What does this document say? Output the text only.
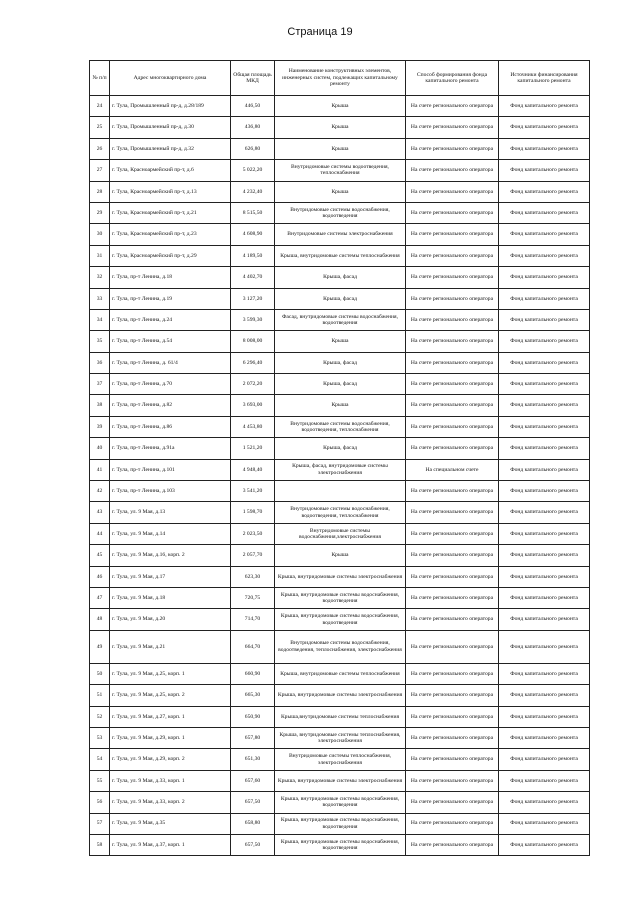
Страница 19
№ п/п	Адрес многоквартирного дома	Общая площадь МКД	Наименование конструктивных элементов, инженерных систем, подлежащих капитальному ремонту	Способ формирования фонда капитального ремонта	Источники финансирования капитального ремонта
24	г. Тула, Промышленный пр-д, д.28/189	446,50	Крыша	На счете регионального оператора	Фонд капитального ремонта
25	г. Тула, Промышленный пр-д, д.30	436,80	Крыша	На счете регионального оператора	Фонд капитального ремонта
26	г. Тула, Промышленный пр-д, д.32	626,80	Крыша	На счете регионального оператора	Фонд капитального ремонта
27	г. Тула, Красноармейский пр-т, д.6	5 022,20	Внутридомовые системы водоотведения, теплоснабжения	На счете регионального оператора	Фонд капитального ремонта
28	г. Тула, Красноармейский пр-т, д.13	4 232,40	Крыша	На счете регионального оператора	Фонд капитального ремонта
29	г. Тула, Красноармейский пр-т, д.21	8 515,50	Внутридомовые системы водоснабжения, водоотведения	На счете регионального оператора	Фонд капитального ремонта
30	г. Тула, Красноармейский пр-т, д.23	4 608,90	Внутридомовые системы электроснабжения	На счете регионального оператора	Фонд капитального ремонта
31	г. Тула, Красноармейский пр-т, д.29	4 189,50	Крыша, внутридомовые системы теплоснабжения	На счете регионального оператора	Фонд капитального ремонта
32	г. Тула, пр-т Ленина, д.18	4 402,70	Крыша, фасад	На счете регионального оператора	Фонд капитального ремонта
33	г. Тула, пр-т Ленина, д.19	3 127,20	Крыша, фасад	На счете регионального оператора	Фонд капитального ремонта
34	г. Тула, пр-т Ленина, д.24	3 599,30	Фасад, внутридомовые системы водоснабжения, водоотведения	На счете регионального оператора	Фонд капитального ремонта
35	г. Тула, пр-т Ленина, д.54	8 008,00	Крыша	На счете регионального оператора	Фонд капитального ремонта
36	г. Тула, пр-т Ленина, д. 61/4	6 296,40	Крыша, фасад	На счете регионального оператора	Фонд капитального ремонта
37	г. Тула, пр-т Ленина, д.70	2 072,20	Крыша, фасад	На счете регионального оператора	Фонд капитального ремонта
38	г. Тула, пр-т Ленина, д.82	3 693,00	Крыша	На счете регионального оператора	Фонд капитального ремонта
39	г. Тула, пр-т Ленина, д.86	4 453,80	Внутридомовые системы водоснабжения, водоотведения, теплоснабжения	На счете регионального оператора	Фонд капитального ремонта
40	г. Тула, пр-т Ленина, д.91а	1 521,20	Крыша, фасад	На счете регионального оператора	Фонд капитального ремонта
41	г. Тула, пр-т Ленина, д.101	4 948,40	Крыша, фасад, внутридомовые системы электроснабжения	На специальном счете	Фонд капитального ремонта
42	г. Тула, пр-т Ленина, д.103	3 541,20		На счете регионального оператора	Фонд капитального ремонта
43	г. Тула, ул. 9 Мая, д.13	1 598,70	Внутридомовые системы водоснабжения, водоотведения, теплоснабжения	На счете регионального оператора	Фонд капитального ремонта
44	г. Тула, ул. 9 Мая, д.14	2 023,50	Внутридомовые системы водоснабжения,электроснабжения	На счете регионального оператора	Фонд капитального ремонта
45	г. Тула, ул. 9 Мая, д.16, корп. 2	2 057,70	Крыша	На счете регионального оператора	Фонд капитального ремонта
46	г. Тула, ул. 9 Мая, д.17	623,30	Крыша, внутридомовые системы электроснабжения	На счете регионального оператора	Фонд капитального ремонта
47	г. Тула, ул. 9 Мая, д.18	720,75	Крыша, внутридомовые системы водоснабжения, водоотведения	На счете регионального оператора	Фонд капитального ремонта
48	г. Тула, ул. 9 Мая, д.20	714,70	Крыша, внутридомовые системы водоснабжения, водоотведения	На счете регионального оператора	Фонд капитального ремонта
49	г. Тула, ул. 9 Мая, д.21	664,70	Внутридомовые системы водоснабжения, водоотведения, теплоснабжения, электроснабжения	На счете регионального оператора	Фонд капитального ремонта
50	г. Тула, ул. 9 Мая, д.25, корп. 1	660,90	Крыша, внутридомовые системы теплоснабжения	На счете регионального оператора	Фонд капитального ремонта
51	г. Тула, ул. 9 Мая, д.25, корп. 2	665,30	Крыша, внутридомовые системы электроснабжения	На счете регионального оператора	Фонд капитального ремонта
52	г. Тула, ул. 9 Мая, д.27, корп. 1	650,90	Крыша,внутридомовые системы теплоснабжения	На счете регионального оператора	Фонд капитального ремонта
53	г. Тула, ул. 9 Мая, д.29, корп. 1	657,80	Крыша, внутридомовые системы теплоснабжения, электроснабжения	На счете регионального оператора	Фонд капитального ремонта
54	г. Тула, ул. 9 Мая, д.29, корп. 2	651,30	Внутридомовые системы теплоснабжения, электроснабжения	На счете регионального оператора	Фонд капитального ремонта
55	г. Тула, ул. 9 Мая, д.33, корп. 1	657,60	Крыша, внутридомовые системы электроснабжения	На счете регионального оператора	Фонд капитального ремонта
56	г. Тула, ул. 9 Мая, д.33, корп. 2	657,50	Крыша, внутридомовые системы водоснабжения, водоотведения	На счете регионального оператора	Фонд капитального ремонта
57	г. Тула, ул. 9 Мая, д.35	658,80	Крыша, внутридомовые системы водоснабжения, водоотведения	На счете регионального оператора	Фонд капитального ремонта
58	г. Тула, ул. 9 Мая, д.37, корп. 1	657,50	Крыша, внутридомовые системы водоснабжения, водоотведения	На счете регионального оператора	Фонд капитального ремонта
